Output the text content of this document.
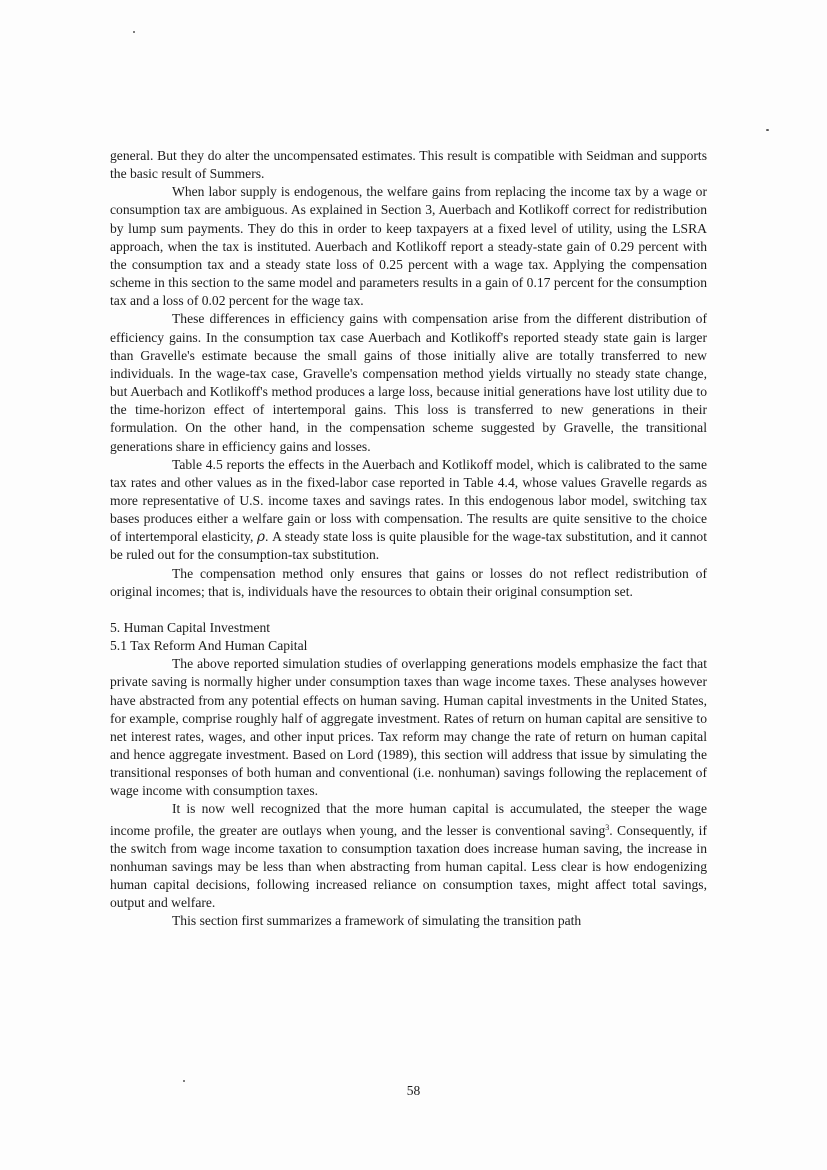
general. But they do alter the uncompensated estimates. This result is compatible with Seidman and supports the basic result of Summers.

When labor supply is endogenous, the welfare gains from replacing the income tax by a wage or consumption tax are ambiguous. As explained in Section 3, Auerbach and Kotlikoff correct for redistribution by lump sum payments. They do this in order to keep taxpayers at a fixed level of utility, using the LSRA approach, when the tax is instituted. Auerbach and Kotlikoff report a steady-state gain of 0.29 percent with the consumption tax and a steady state loss of 0.25 percent with a wage tax. Applying the compensation scheme in this section to the same model and parameters results in a gain of 0.17 percent for the consumption tax and a loss of 0.02 percent for the wage tax.

These differences in efficiency gains with compensation arise from the different distribution of efficiency gains. In the consumption tax case Auerbach and Kotlikoff's reported steady state gain is larger than Gravelle's estimate because the small gains of those initially alive are totally transferred to new individuals. In the wage-tax case, Gravelle's compensation method yields virtually no steady state change, but Auerbach and Kotlikoff's method produces a large loss, because initial generations have lost utility due to the time-horizon effect of intertemporal gains. This loss is transferred to new generations in their formulation. On the other hand, in the compensation scheme suggested by Gravelle, the transitional generations share in efficiency gains and losses.

Table 4.5 reports the effects in the Auerbach and Kotlikoff model, which is calibrated to the same tax rates and other values as in the fixed-labor case reported in Table 4.4, whose values Gravelle regards as more representative of U.S. income taxes and savings rates. In this endogenous labor model, switching tax bases produces either a welfare gain or loss with compensation. The results are quite sensitive to the choice of intertemporal elasticity, ρ. A steady state loss is quite plausible for the wage-tax substitution, and it cannot be ruled out for the consumption-tax substitution.

The compensation method only ensures that gains or losses do not reflect redistribution of original incomes; that is, individuals have the resources to obtain their original consumption set.

5. Human Capital Investment

5.1 Tax Reform And Human Capital

The above reported simulation studies of overlapping generations models emphasize the fact that private saving is normally higher under consumption taxes than wage income taxes. These analyses however have abstracted from any potential effects on human saving. Human capital investments in the United States, for example, comprise roughly half of aggregate investment. Rates of return on human capital are sensitive to net interest rates, wages, and other input prices. Tax reform may change the rate of return on human capital and hence aggregate investment. Based on Lord (1989), this section will address that issue by simulating the transitional responses of both human and conventional (i.e. nonhuman) savings following the replacement of wage income with consumption taxes.

It is now well recognized that the more human capital is accumulated, the steeper the wage income profile, the greater are outlays when young, and the lesser is conventional saving$^3$. Consequently, if the switch from wage income taxation to consumption taxation does increase human saving, the increase in nonhuman savings may be less than when abstracting from human capital. Less clear is how endogenizing human capital decisions, following increased reliance on consumption taxes, might affect total savings, output and welfare.

This section first summarizes a framework of simulating the transition path

58
